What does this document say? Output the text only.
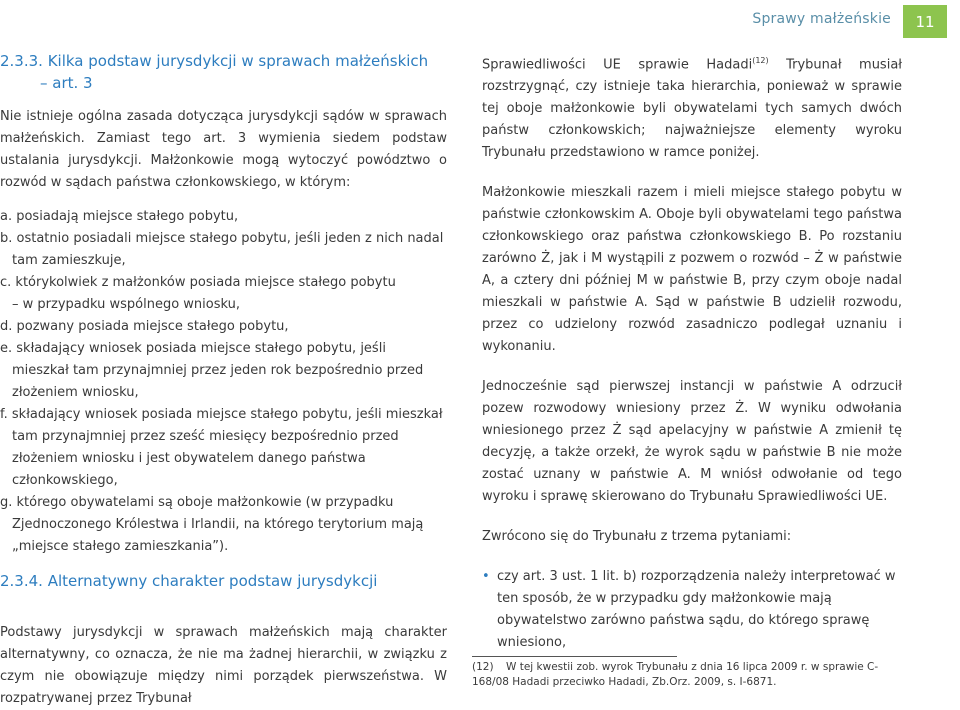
Sprawy małżeńskie 11
2.3.3. Kilka podstaw jurysdykcji w sprawach małżeńskich
– art. 3

Nie istnieje ogólna zasada dotycząca jurysdykcji sądów w sprawach małżeńskich. Zamiast tego art. 3 wymienia siedem podstaw ustalania jurysdykcji. Małżonkowie mogą wytoczyć powództwo o rozwód w sądach państwa członkowskiego, w którym:

a. posiadają miejsce stałego pobytu,
b. ostatnio posiadali miejsce stałego pobytu, jeśli jeden z nich nadal
tam zamieszkuje,
c. którykolwiek z małżonków posiada miejsce stałego pobytu
– w przypadku wspólnego wniosku,
d. pozwany posiada miejsce stałego pobytu,
e. składający wniosek posiada miejsce stałego pobytu, jeśli
mieszkał tam przynajmniej przez jeden rok bezpośrednio przed złożeniem wniosku,
f. składający wniosek posiada miejsce stałego pobytu, jeśli mieszkał
tam przynajmniej przez sześć miesięcy bezpośrednio przed złożeniem wniosku i jest obywatelem danego państwa członkowskiego,
g. którego obywatelami są oboje małżonkowie (w przypadku
Zjednoczonego Królestwa i Irlandii, na którego terytorium mają „miejsce stałego zamieszkania”).
2.3.4. Alternatywny charakter podstaw jurysdykcji

Podstawy jurysdykcji w sprawach małżeńskich mają charakter alternatywny, co oznacza, że nie ma żadnej hierarchii, w związku z czym nie obowiązuje między nimi porządek pierwszeństwa. W rozpatrywanej przez Trybunał

Sprawiedliwości UE sprawie Hadadi$^{(12)}$ Trybunał musiał rozstrzygnąć, czy istnieje taka hierarchia, ponieważ w sprawie tej oboje małżonkowie byli obywatelami tych samych dwóch państw członkowskich; najważniejsze elementy wyroku Trybunału przedstawiono w ramce poniżej.

Małżonkowie mieszkali razem i mieli miejsce stałego pobytu w państwie członkowskim A. Oboje byli obywatelami tego państwa członkowskiego oraz państwa członkowskiego B. Po rozstaniu zarówno Ż, jak i M wystąpili z pozwem o rozwód – Ż w państwie A, a cztery dni później M w państwie B, przy czym oboje nadal mieszkali w państwie A. Sąd w państwie B udzielił rozwodu, przez co udzielony rozwód zasadniczo podlegał uznaniu i wykonaniu.

Jednocześnie sąd pierwszej instancji w państwie A odrzucił pozew rozwodowy wniesiony przez Ż. W wyniku odwołania wniesionego przez Ż sąd apelacyjny w państwie A zmienił tę decyzję, a także orzekł, że wyrok sądu w państwie B nie może zostać uznany w państwie A. M wniósł odwołanie od tego wyroku i sprawę skierowano do Trybunału Sprawiedliwości UE.

Zwrócono się do Trybunału z trzema pytaniami:

• czy art. 3 ust. 1 lit. b) rozporządzenia należy interpretować w ten sposób, że w przypadku gdy małżonkowie mają obywatelstwo zarówno państwa sądu, do którego sprawę wniesiono,
(12) W tej kwestii zob. wyrok Trybunału z dnia 16 lipca 2009 r. w sprawie C-168/08 Hadadi przeciwko Hadadi, Zb.Orz. 2009, s. I-6871.
